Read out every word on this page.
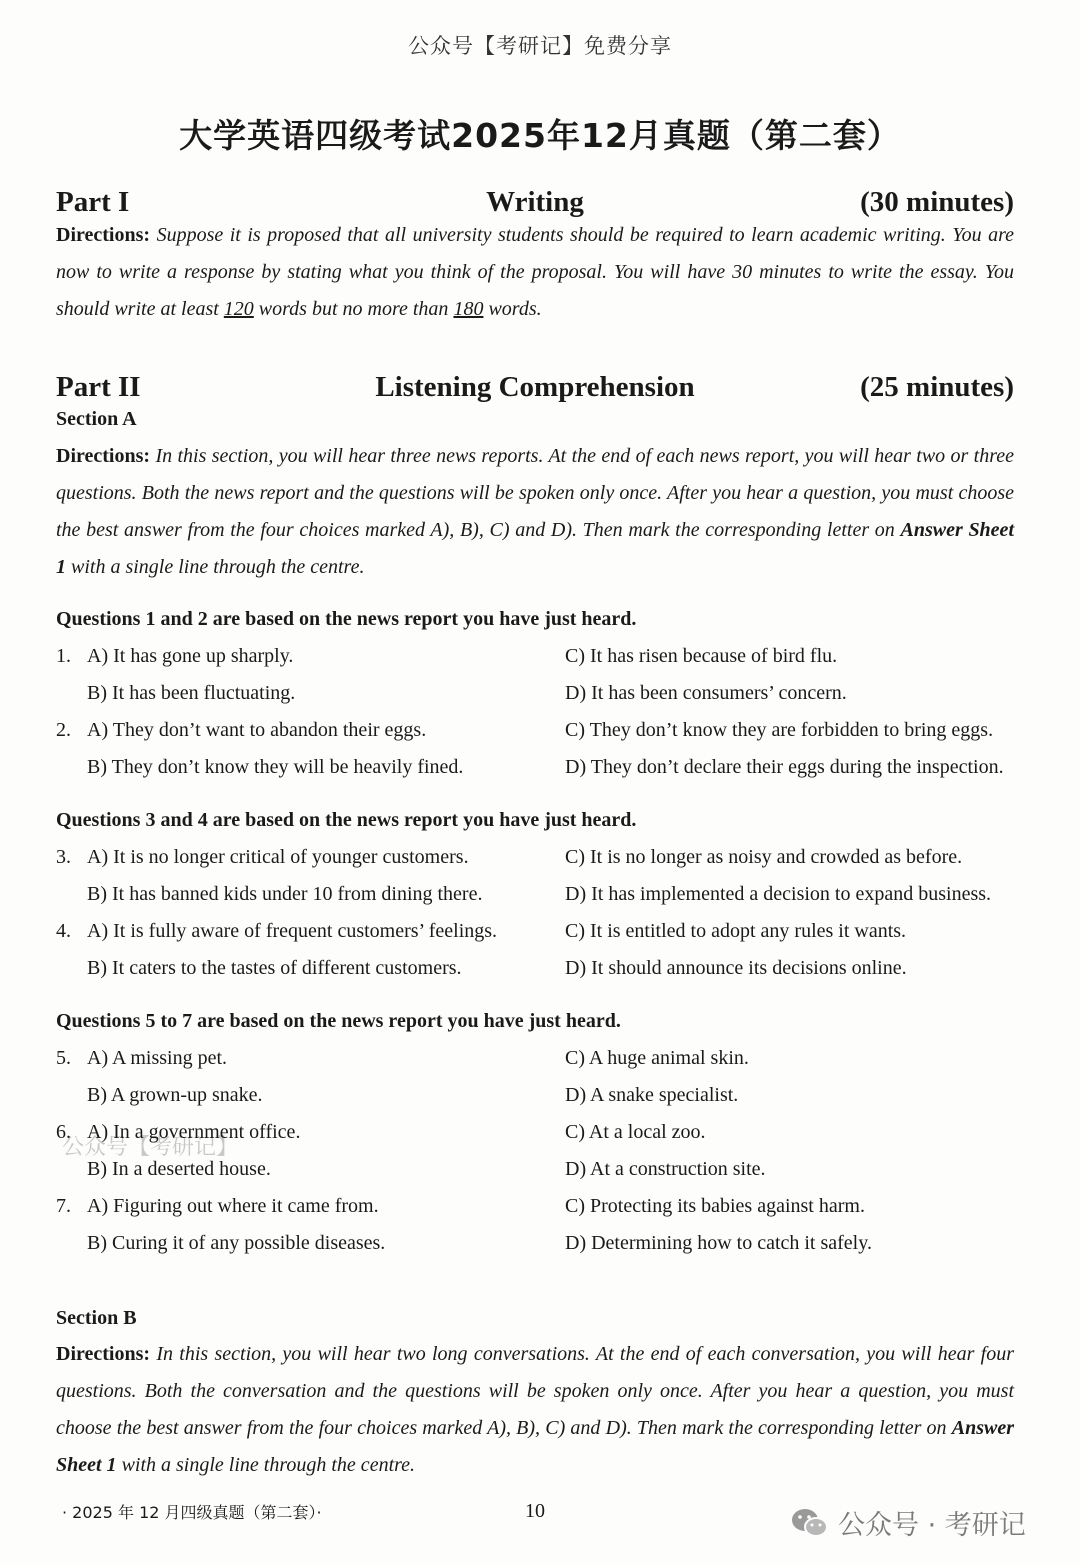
公众号【考研记】免费分享
大学英语四级考试2025年12月真题（第二套）
Writing
Part I	(30 minutes)
Directions: Suppose it is proposed that all university students should be required to learn academic writing. You are now to write a response by stating what you think of the proposal. You will have 30 minutes to write the essay. You should write at least 120 words but no more than 180 words.
Listening Comprehension
Part II	(25 minutes)
Section A
Directions: In this section, you will hear three news reports. At the end of each news report, you will hear two or three questions. Both the news report and the questions will be spoken only once. After you hear a question, you must choose the best answer from the four choices marked A), B), C) and D). Then mark the corresponding letter on Answer Sheet 1 with a single line through the centre.
Questions 1 and 2 are based on the news report you have just heard.
1. A) It has gone up sharply.	C) It has risen because of bird flu.
B) It has been fluctuating.	D) It has been consumers’ concern.
2. A) They don’t want to abandon their eggs.	C) They don’t know they are forbidden to bring eggs.
B) They don’t know they will be heavily fined.	D) They don’t declare their eggs during the inspection.
Questions 3 and 4 are based on the news report you have just heard.
3. A) It is no longer critical of younger customers.	C) It is no longer as noisy and crowded as before.
B) It has banned kids under 10 from dining there.	D) It has implemented a decision to expand business.
4. A) It is fully aware of frequent customers’ feelings.	C) It is entitled to adopt any rules it wants.
B) It caters to the tastes of different customers.	D) It should announce its decisions online.
Questions 5 to 7 are based on the news report you have just heard.
5. A) A missing pet.	C) A huge animal skin.
B) A grown-up snake.	D) A snake specialist.
公众号【考研记】
6. A) In a government office.	C) At a local zoo.
B) In a deserted house.	D) At a construction site.
7. A) Figuring out where it came from.	C) Protecting its babies against harm.
B) Curing it of any possible diseases.	D) Determining how to catch it safely.
Section B
Directions: In this section, you will hear two long conversations. At the end of each conversation, you will hear four questions. Both the conversation and the questions will be spoken only once. After you hear a question, you must choose the best answer from the four choices marked A), B), C) and D). Then mark the corresponding letter on Answer Sheet 1 with a single line through the centre.
· 2025 年 12 月四级真题（第二套）·	10	公众号 · 考研记
